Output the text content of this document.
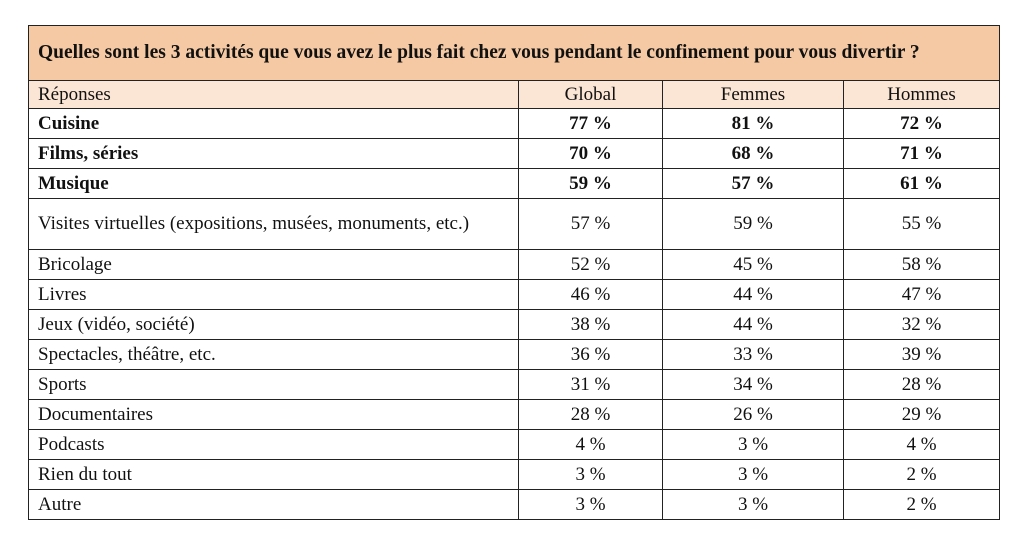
Quelles sont les 3 activités que vous avez le plus fait chez vous pendant le confinement pour vous divertir ?			
Réponses	Global	Femmes	Hommes
Cuisine	77 %	81 %	72 %
Films, séries	70 %	68 %	71 %
Musique	59 %	57 %	61 %
Visites virtuelles (expositions, musées, monuments, etc.)	57 %	59 %	55 %
Bricolage	52 %	45 %	58 %
Livres	46 %	44 %	47 %
Jeux (vidéo, société)	38 %	44 %	32 %
Spectacles, théâtre, etc.	36 %	33 %	39 %
Sports	31 %	34 %	28 %
Documentaires	28 %	26 %	29 %
Podcasts	4 %	3 %	4 %
Rien du tout	3 %	3 %	2 %
Autre	3 %	3 %	2 %
